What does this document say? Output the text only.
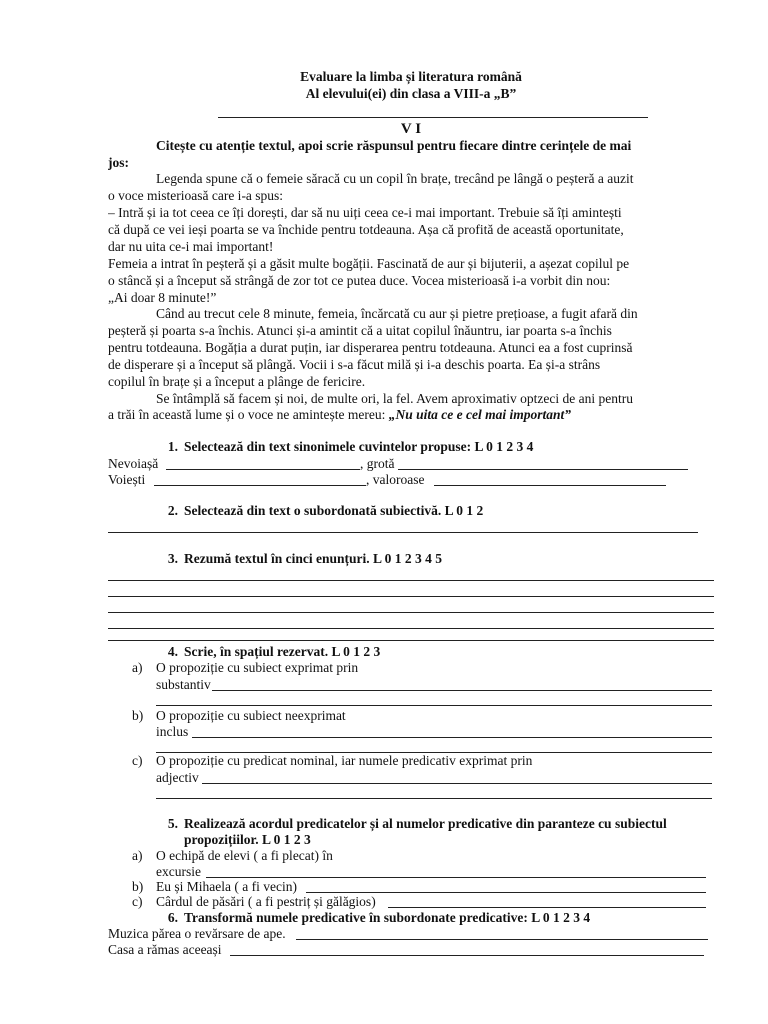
Evaluare la limba și literatura română
Al elevului(ei) din clasa a VIII-a „B”
V I
Citește cu atenție textul, apoi scrie răspunsul pentru fiecare dintre cerințele de mai
jos:
Legenda spune că o femeie săracă cu un copil în brațe, trecând pe lângă o peșteră a auzit
o voce misterioasă care i-a spus:
– Intră și ia tot ceea ce îți dorești, dar să nu uiți ceea ce-i mai important. Trebuie să îți amintești
că după ce vei ieși poarta se va închide pentru totdeauna. Așa că profită de această oportunitate,
dar nu uita ce-i mai important!
Femeia a intrat în peșteră și a găsit multe bogății. Fascinată de aur și bijuterii, a așezat copilul pe
o stâncă și a început să strângă de zor tot ce putea duce. Vocea misterioasă i-a vorbit din nou:
„Ai doar 8 minute!”
Când au trecut cele 8 minute, femeia, încărcată cu aur și pietre prețioase, a fugit afară din
peșteră și poarta s-a închis. Atunci și-a amintit că a uitat copilul înăuntru, iar poarta s-a închis
pentru totdeauna. Bogăția a durat puțin, iar disperarea pentru totdeauna. Atunci ea a fost cuprinsă
de disperare și a început să plângă. Vocii i s-a făcut milă și i-a deschis poarta. Ea și-a strâns
copilul în brațe și a început a plânge de fericire.
Se întâmplă să facem și noi, de multe ori, la fel. Avem aproximativ optzeci de ani pentru
a trăi în această lume și o voce ne amintește mereu: „Nu uita ce e cel mai important”
1. Selectează din text sinonimele cuvintelor propuse: L 0 1 2 3 4
Nevoiașă	, grotă
Voiești	, valoroase
2. Selectează din text o subordonată subiectivă. L 0 1 2
3. Rezumă textul în cinci enunțuri. L 0 1 2 3 4 5
4. Scrie, în spațiul rezervat. L 0 1 2 3
a) O propoziție cu subiect exprimat prin
substantiv
b) O propoziție cu subiect neexprimat
inclus
c) O propoziție cu predicat nominal, iar numele predicativ exprimat prin
adjectiv
5. Realizează acordul predicatelor și al numelor predicative din paranteze cu subiectul
propozițiilor. L 0 1 2 3
a) O echipă de elevi ( a fi plecat) în
excursie
b) Eu și Mihaela ( a fi vecin)
c) Cârdul de păsări ( a fi pestriț și gălăgios)
6. Transformă numele predicative în subordonate predicative: L 0 1 2 3 4
Muzica părea o revărsare de ape.
Casa a rămas aceeași
